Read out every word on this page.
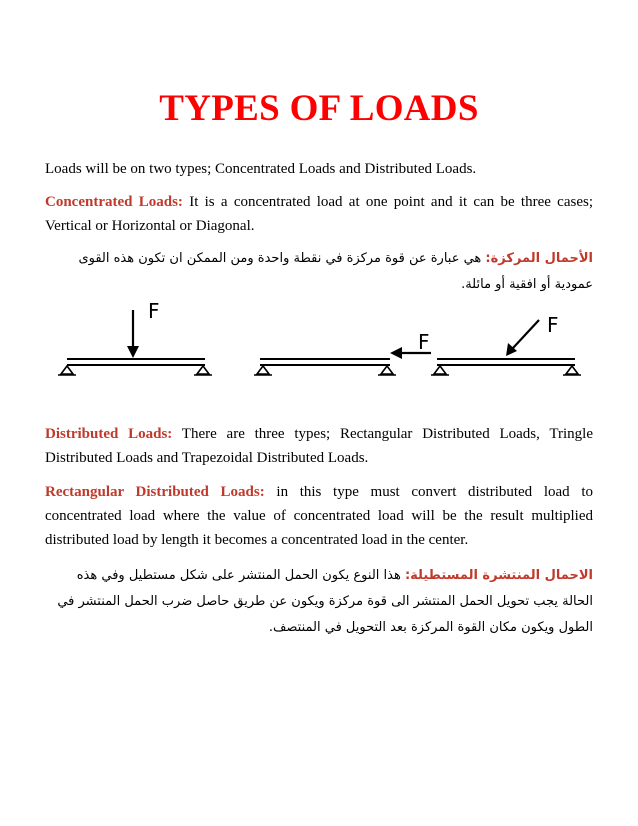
TYPES OF LOADS
Loads will be on two types; Concentrated Loads and Distributed Loads.
Concentrated Loads: It is a concentrated load at one point and it can be three cases; Vertical or Horizontal or Diagonal.
الأحمال المركزة: هي عبارة عن قوة مركزة في نقطة واحدة ومن الممكن ان تكون هذه القوى عمودية أو افقية أو مائلة.
F
F
F
Distributed Loads: There are three types; Rectangular Distributed Loads, Tringle Distributed Loads and Trapezoidal Distributed Loads.
Rectangular Distributed Loads: in this type must convert distributed load to concentrated load where the value of concentrated load will be the result multiplied distributed load by length it becomes a concentrated load in the center.
الاحمال المنتشرة المستطيلة: هذا النوع يكون الحمل المنتشر على شكل مستطيل وفي هذه الحالة يجب تحويل الحمل المنتشر الى قوة مركزة ويكون عن طريق حاصل ضرب الحمل المنتشر في الطول ويكون مكان القوة المركزة بعد التحويل في المنتصف.
